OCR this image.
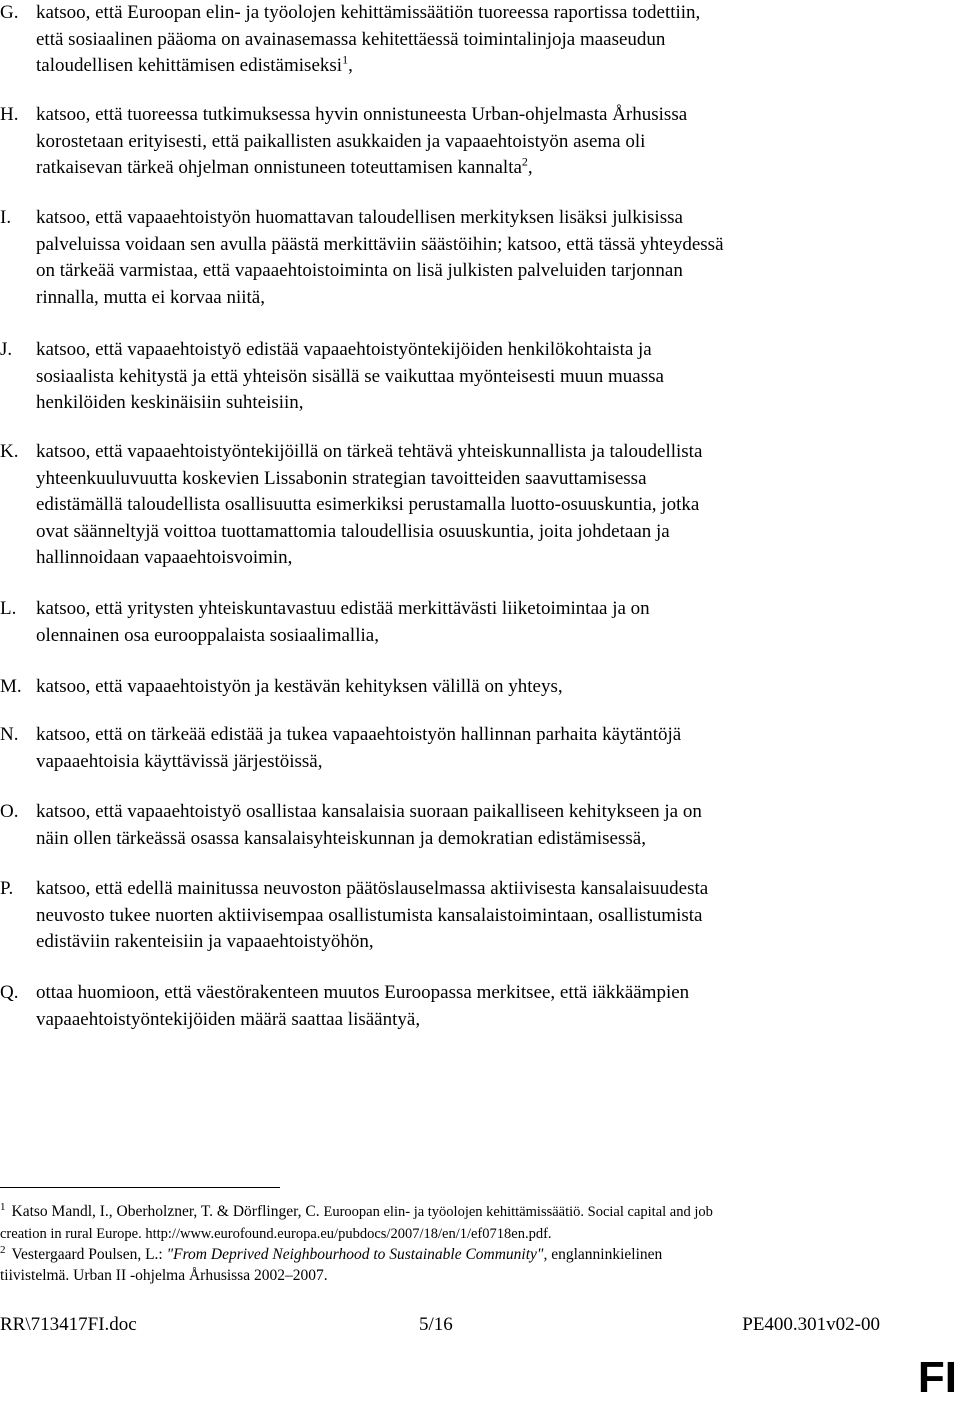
G. katsoo, että Euroopan elin- ja työolojen kehittämissäätiön tuoreessa raportissa todettiin,
että sosiaalinen pääoma on avainasemassa kehitettäessä toimintalinjoja maaseudun
taloudellisen kehittämisen edistämiseksi$^1$,
H. katsoo, että tuoreessa tutkimuksessa hyvin onnistuneesta Urban-ohjelmasta Århusissa
korostetaan erityisesti, että paikallisten asukkaiden ja vapaaehtoistyön asema oli
ratkaisevan tärkeä ohjelman onnistuneen toteuttamisen kannalta$^2$,
I. katsoo, että vapaaehtoistyön huomattavan taloudellisen merkityksen lisäksi julkisissa
palveluissa voidaan sen avulla päästä merkittäviin säästöihin; katsoo, että tässä yhteydessä
on tärkeää varmistaa, että vapaaehtoistoiminta on lisä julkisten palveluiden tarjonnan
rinnalla, mutta ei korvaa niitä,
J. katsoo, että vapaaehtoistyö edistää vapaaehtoistyöntekijöiden henkilökohtaista ja
sosiaalista kehitystä ja että yhteisön sisällä se vaikuttaa myönteisesti muun muassa
henkilöiden keskinäisiin suhteisiin,
K. katsoo, että vapaaehtoistyöntekijöillä on tärkeä tehtävä yhteiskunnallista ja taloudellista
yhteenkuuluvuutta koskevien Lissabonin strategian tavoitteiden saavuttamisessa
edistämällä taloudellista osallisuutta esimerkiksi perustamalla luotto-osuuskuntia, jotka
ovat säänneltyjä voittoa tuottamattomia taloudellisia osuuskuntia, joita johdetaan ja
hallinnoidaan vapaaehtoisvoimin,
L. katsoo, että yritysten yhteiskuntavastuu edistää merkittävästi liiketoimintaa ja on
olennainen osa eurooppalaista sosiaalimallia,
M. katsoo, että vapaaehtoistyön ja kestävän kehityksen välillä on yhteys,
N. katsoo, että on tärkeää edistää ja tukea vapaaehtoistyön hallinnan parhaita käytäntöjä
vapaaehtoisia käyttävissä järjestöissä,
O. katsoo, että vapaaehtoistyö osallistaa kansalaisia suoraan paikalliseen kehitykseen ja on
näin ollen tärkeässä osassa kansalaisyhteiskunnan ja demokratian edistämisessä,
P. katsoo, että edellä mainitussa neuvoston päätöslauselmassa aktiivisesta kansalaisuudesta
neuvosto tukee nuorten aktiivisempaa osallistumista kansalaistoimintaan, osallistumista
edistäviin rakenteisiin ja vapaaehtoistyöhön,
Q. ottaa huomioon, että väestörakenteen muutos Euroopassa merkitsee, että iäkkäämpien
vapaaehtoistyöntekijöiden määrä saattaa lisääntyä,
$^1$ Katso Mandl, I., Oberholzner, T. & Dörflinger, C. Euroopan elin- ja työolojen kehittämissäätiö. Social capital and job
creation in rural Europe. http://www.eurofound.europa.eu/pubdocs/2007/18/en/1/ef0718en.pdf.
$^2$ Vestergaard Poulsen, L.: "From Deprived Neighbourhood to Sustainable Community", englanninkielinen
tiivistelmä. Urban II -ohjelma Århusissa 2002–2007.
RR\713417FI.doc	5/16	PE400.301v02-00
FI
